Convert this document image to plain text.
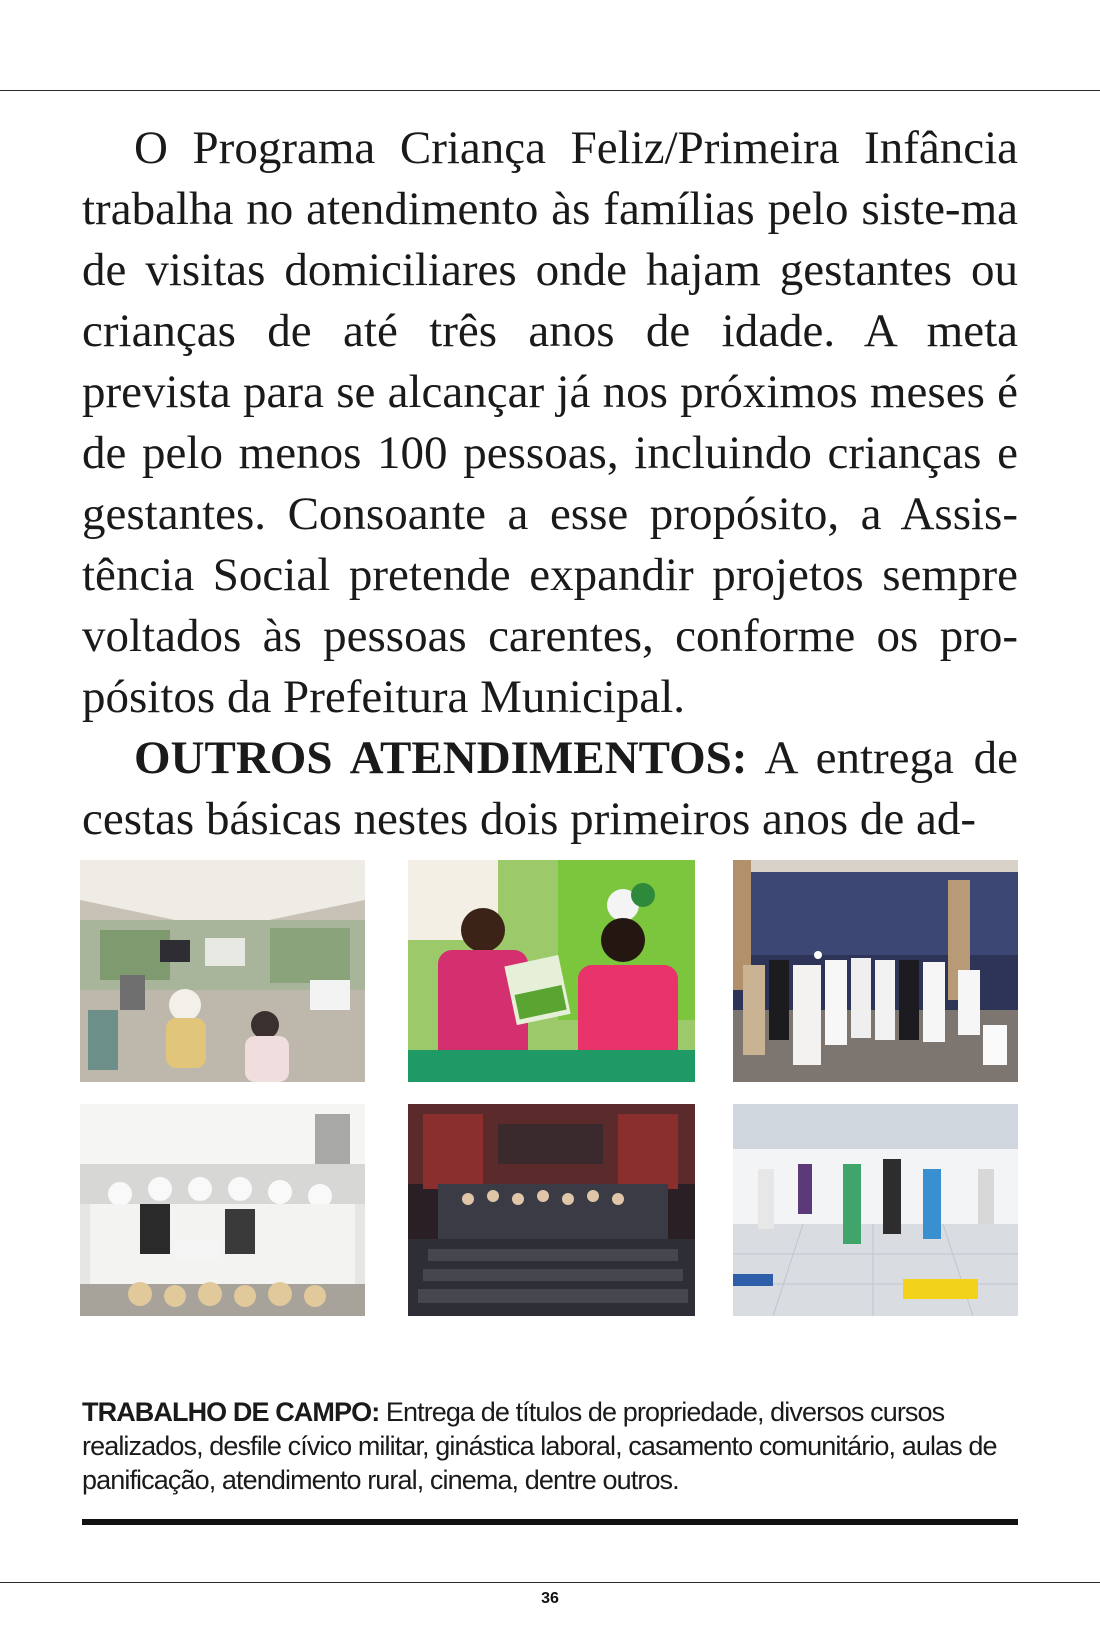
O Programa Criança Feliz/Primeira Infância trabalha no atendimento às famílias pelo siste-ma de visitas domiciliares onde hajam gestantes ou crianças de até três anos de idade. A meta prevista para se alcançar já nos próximos meses é de pelo menos 100 pessoas, incluindo crianças e gestantes. Consoante a esse propósito, a Assis-tência Social pretende expandir projetos sempre voltados às pessoas carentes, conforme os pro-pósitos da Prefeitura Municipal.

OUTROS ATENDIMENTOS: A entrega de cestas básicas nestes dois primeiros anos de ad-

TRABALHO DE CAMPO: Entrega de títulos de propriedade, diversos cursos realizados, desfile cívico militar, ginástica laboral, casamento comunitário, aulas de panificação, atendimento rural, cinema, dentre outros.

36
